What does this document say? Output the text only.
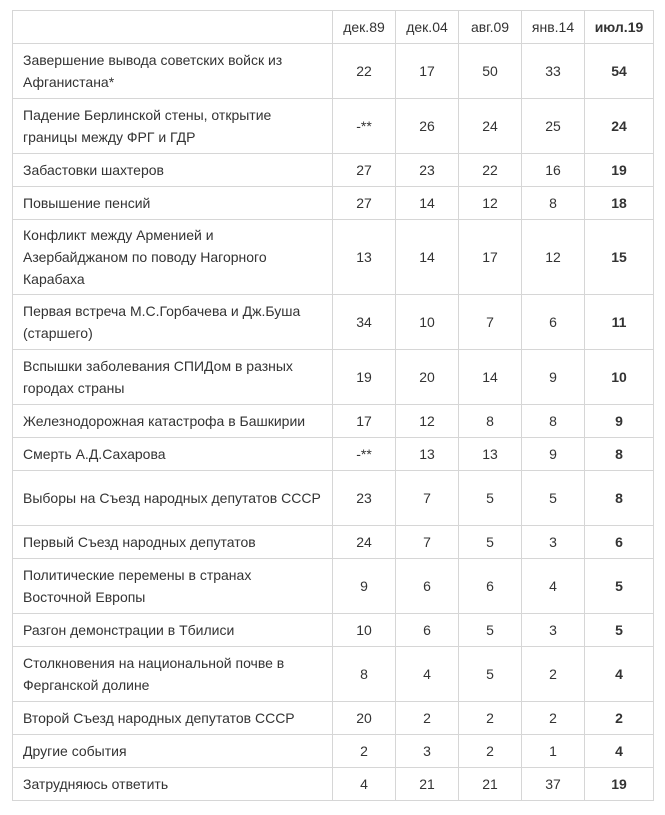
	дек.89	дек.04	авг.09	янв.14	июл.19
Завершение вывода советских войск из Афганистана*	22	17	50	33	54
Падение Берлинской стены, открытие границы между ФРГ и ГДР	-**	26	24	25	24
Забастовки шахтеров	27	23	22	16	19
Повышение пенсий	27	14	12	8	18
Конфликт между Арменией и Азербайджаном по поводу Нагорного Карабаха	13	14	17	12	15
Первая встреча М.С.Горбачева и Дж.Буша (старшего)	34	10	7	6	11
Вспышки заболевания СПИДом в разных городах страны	19	20	14	9	10
Железнодорожная катастрофа в Башкирии	17	12	8	8	9
Смерть А.Д.Сахарова	-**	13	13	9	8
Выборы на Съезд народных депутатов СССР	23	7	5	5	8
Первый Съезд народных депутатов	24	7	5	3	6
Политические перемены в странах Восточной Европы	9	6	6	4	5
Разгон демонстрации в Тбилиси	10	6	5	3	5
Столкновения на национальной почве в Ферганской долине	8	4	5	2	4
Второй Съезд народных депутатов СССР	20	2	2	2	2
Другие события	2	3	2	1	4
Затрудняюсь ответить	4	21	21	37	19
